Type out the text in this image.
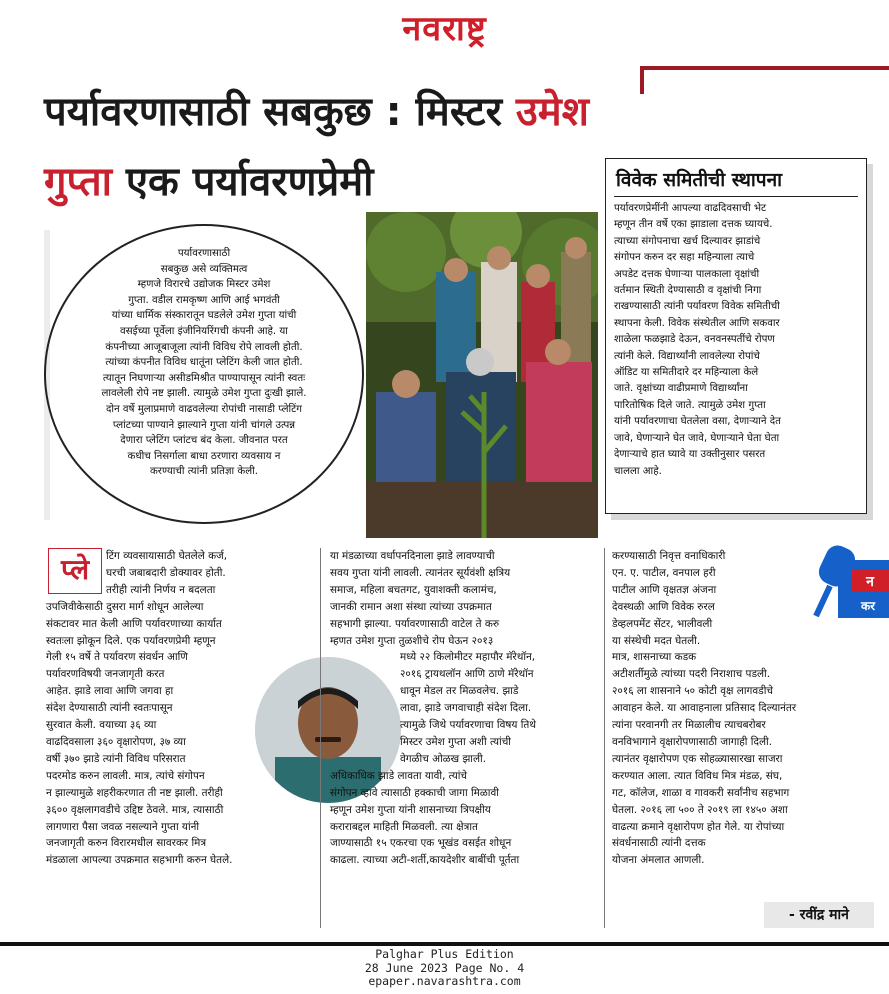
नवराष्ट्र
पर्यावरणासाठी सबकुछ : मिस्टर उमेश
गुप्ता एक पर्यावरणप्रेमी
पर्यावरणासाठी
सबकुछ असे व्यक्तिमत्व
म्हणजे विरारचे उद्योजक मिस्टर उमेश
गुप्ता. वडील रामकृष्ण आणि आई भगवंती
यांच्या धार्मिक संस्कारातून घडलेले उमेश गुप्ता यांची
वसईच्या पूर्वेला इंजीनियरिंगची कंपनी आहे. या
कंपनीच्या आजूबाजूला त्यांनी विविध रोपे लावली होती.
त्यांच्या कंपनीत विविध धातूंना प्लेटिंग केली जात होती.
त्यातून निघणाऱ्या असीडमिश्रीत पाण्यापासून त्यांनी स्वतः
लावलेली रोपे नष्ट झाली. त्यामुळे उमेश गुप्ता दुःखी झाले.
दोन वर्षे मुलाप्रमाणे वाढवलेल्या रोपांची नासाडी प्लेटिंग
प्लांटच्या पाण्याने झाल्याने गुप्ता यांनी चांगले उत्पन्न
देणारा प्लेटिंग प्लांटच बंद केला. जीवनात परत
कधीच निसर्गाला बाधा ठरणारा व्यवसाय न
करण्याची त्यांनी प्रतिज्ञा केली.
विवेक समितीची स्थापना
पर्यावरणप्रेमींनी आपल्या वाढदिवसाची भेट
म्हणून तीन वर्षे एका झाडाला दत्तक घ्यायचे.
त्याच्या संगोपनाचा खर्च दिल्यावर झाडांचे
संगोपन करुन दर सहा महिन्याला त्याचे
अपडेट दत्तक घेणाऱ्या पालकाला वृक्षांची
वर्तमान स्थिती देण्यासाठी व वृक्षांची निगा
राखण्यासाठी त्यांनी पर्यावरण विवेक समितीची
स्थापना केली. विवेक संस्थेतील आणि सकवार
शाळेला फळझाडे देऊन, वनवनस्पतींचे रोपण
त्यांनी केले. विद्यार्थ्यांनी लावलेल्या रोपांचे
ऑडिट या समितीदारे दर महिन्याला केले
जाते. वृक्षांच्या वाढीप्रमाणे विद्यार्थ्यांना
पारितोषिक दिले जाते. त्यामुळे उमेश गुप्ता
यांनी पर्यावरणाचा घेतलेला वसा, देणाऱ्याने देत
जावे, घेणाऱ्याने घेत जावे, घेणाऱ्याने घेता घेता
देणाऱ्याचे हात घ्यावे या उक्तीनुसार पसरत
चालला आहे.
टिंग व्यवसायासाठी घेतलेले कर्ज,
घरची जबाबदारी डोक्यावर होती.
तरीही त्यांनी निर्णय न बदलता
उपजिवीकेसाठी दुसरा मार्ग शोधून आलेल्या
संकटावर मात केली आणि पर्यावरणाच्या कार्यात
स्वतःला झोकून दिले. एक पर्यावरणप्रेमी म्हणून
गेली १५ वर्षे ते पर्यावरण संवर्धन आणि
पर्यावरणविषयी जनजागृती करत
आहेत. झाडे लावा आणि जगवा हा
संदेश देण्यासाठी त्यांनी स्वतःपासून
सुरवात केली. वयाच्या ३६ व्या
वाढदिवसाला ३६० वृक्षारोपण, ३७ व्या
वर्षी ३७० झाडे त्यांनी विविध परिसरात
पदरमोड करुन लावली. मात्र, त्यांचे संगोपन
न झाल्यामुळे शहरीकरणात ती नष्ट झाली. तरीही
३६०० वृक्षलागवडीचे उद्दिष्ट ठेवले. मात्र, त्यासाठी
लागणारा पैसा जवळ नसल्याने गुप्ता यांनी
जनजागृती करुन विरारमधील सावरकर मित्र
मंडळाला आपल्या उपक्रमात सहभागी करुन घेतले.
प्ले	या मंडळाच्या वर्धापनदिनाला झाडे लावण्याची
सवय गुप्ता यांनी लावली. त्यानंतर सूर्यवंशी क्षत्रिय
समाज, महिला बचतगट, युवाशक्ती कलामंच,
जानकी रामान अशा संस्था त्यांच्या उपक्रमात
सहभागी झाल्या. पर्यावरणासाठी वाटेल ते करु
म्हणत उमेश गुप्ता तुळशीचे रोप घेऊन २०१३
मध्ये २२ किलोमीटर महापौर मॅरेथॉन,
२०१६ ट्रायथलॉन आणि ठाणे मॅरेथॉन
धावून मेडल तर मिळवलेच. झाडे
लावा, झाडे जगवाचाही संदेश दिला.
त्यामुळे जिथे पर्यावरणाचा विषय तिथे
मिस्टर उमेश गुप्ता अशी त्यांची
वेगळीच ओळख झाली.
अधिकाधिक झाडे लावता यावी, त्यांचे
संगोपन व्हावे त्यासाठी हक्काची जागा मिळावी
म्हणून उमेश गुप्ता यांनी शासनाच्या त्रिपक्षीय
कराराबद्दल माहिती मिळवली. त्या क्षेत्रात
जाण्यासाठी १५ एकरचा एक भूखंड वसईत शोधून
काढला. त्याच्या अटी-शर्ती,कायदेशीर बाबींची पूर्तता
करण्यासाठी निवृत्त वनाधिकारी
एन. ए. पाटील, वनपाल हरी
पाटील आणि वृक्षतज्ञ अंजना
देवस्थळी आणि विवेक रुरल
डेव्हलपमेंट सेंटर, भालीवली
या संस्थेची मदत घेतली.
मात्र, शासनाच्या कडक
अटीशर्तीमुळे त्यांच्या पदरी निराशाच पडली.
२०१६ ला शासनाने ५० कोटी वृक्ष लागवडीचे
आवाहन केले. या आवाहनाला प्रतिसाद दिल्यानंतर
त्यांना परवानगी तर मिळालीच त्याचबरोबर
वनविभागाने वृक्षारोपणासाठी जागाही दिली.
त्यानंतर वृक्षारोपण एक सोहळ्यासारखा साजरा
करण्यात आला. त्यात विविध मित्र मंडळ, संघ,
गट, कॉलेज, शाळा व गावकरी सर्वांनीच सहभाग
घेतला. २०१६ ला ५०० ते २०१९ ला १४५० अशा
वाढत्या क्रमाने वृक्षारोपण होत गेले. या रोपांच्या
संवर्धनासाठी त्यांनी दत्तक
योजना अंमलात आणली.
न
कर
- रवींद्र माने
Palghar Plus Edition
28 June 2023 Page No. 4
epaper.navarashtra.com
